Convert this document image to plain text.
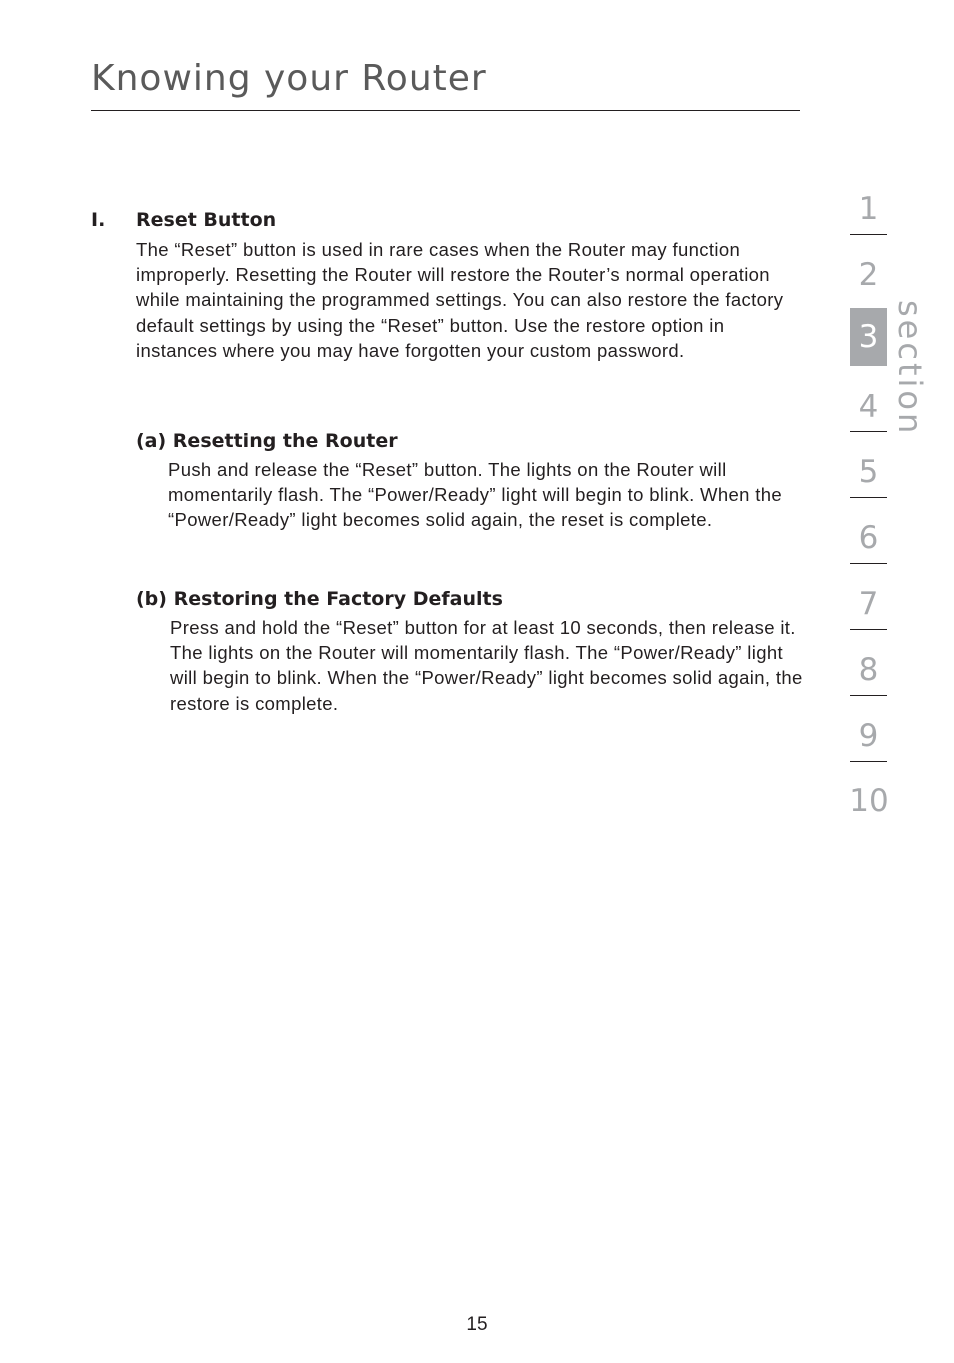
Knowing your Router
I. Reset Button

The “Reset” button is used in rare cases when the Router may function improperly. Resetting the Router will restore the Router’s normal operation while maintaining the programmed settings. You can also restore the factory default settings by using the “Reset” button. Use the restore option in instances where you may have forgotten your custom password.

(a) Resetting the Router

Push and release the “Reset” button. The lights on the Router will momentarily flash. The “Power/Ready” light will begin to blink. When the “Power/Ready” light becomes solid again, the reset is complete.

(b) Restoring the Factory Defaults

Press and hold the “Reset” button for at least 10 seconds, then release it. The lights on the Router will momentarily flash. The “Power/Ready” light will begin to blink. When the “Power/Ready” light becomes solid again, the restore is complete.

1
2
3
4
5
6
7
8
9
10
section
15
